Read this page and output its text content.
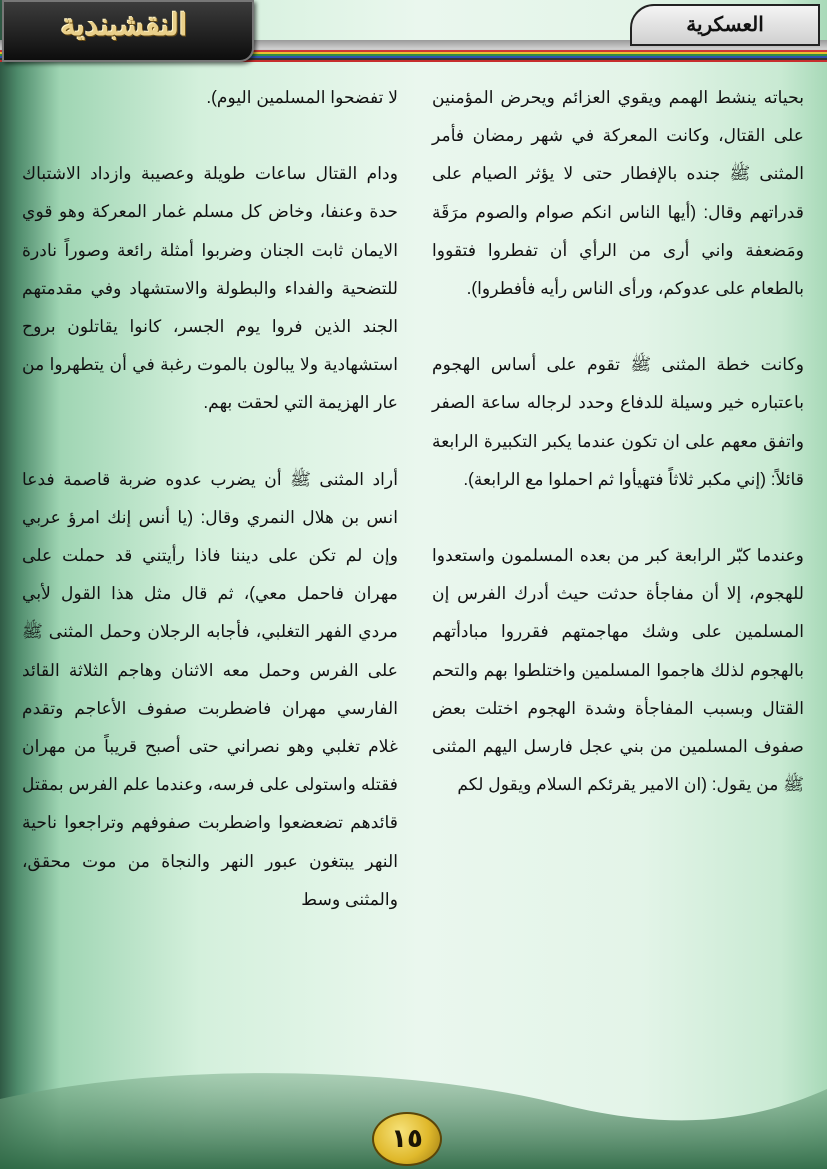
النقشبندية	العسكرية

بحياته ينشط الهمم ويقوي العزائم ويحرض المؤمنين على القتال، وكانت المعركة في شهر رمضان فأمر المثنى ﷺ جنده بالإفطار حتى لا يؤثر الصيام على قدراتهم وقال: (أيها الناس انكم صوام والصوم مرَقَة ومَضعفة واني أرى من الرأي أن تفطروا فتقووا بالطعام على عدوكم، ورأى الناس رأيه فأفطروا).

وكانت خطة المثنى ﷺ تقوم على أساس الهجوم باعتباره خير وسيلة للدفاع وحدد لرجاله ساعة الصفر واتفق معهم على ان تكون عندما يكبر التكبيرة الرابعة قائلاً: (إني مكبر ثلاثاً فتهيأوا ثم احملوا مع الرابعة).

وعندما كبّر الرابعة كبر من بعده المسلمون واستعدوا للهجوم، إلا أن مفاجأة حدثت حيث أدرك الفرس إن المسلمين على وشك مهاجمتهم فقرروا مبادأتهم بالهجوم لذلك هاجموا المسلمين واختلطوا بهم والتحم القتال وبسبب المفاجأة وشدة الهجوم اختلت بعض صفوف المسلمين من بني عجل فارسل اليهم المثنى ﷺ من يقول: (ان الامير يقرئكم السلام ويقول لكم

لا تفضحوا المسلمين اليوم).

ودام القتال ساعات طويلة وعصيبة وازداد الاشتباك حدة وعنفا، وخاض كل مسلم غمار المعركة وهو قوي الايمان ثابت الجنان وضربوا أمثلة رائعة وصوراً نادرة للتضحية والفداء والبطولة والاستشهاد وفي مقدمتهم الجند الذين فروا يوم الجسر، كانوا يقاتلون بروح استشهادية ولا يبالون بالموت رغبة في أن يتطهروا من عار الهزيمة التي لحقت بهم.

أراد المثنى ﷺ أن يضرب عدوه ضربة قاصمة فدعا انس بن هلال النمري وقال: (يا أنس إنك امرؤ عربي وإن لم تكن على ديننا فاذا رأيتني قد حملت على مهران فاحمل معي)، ثم قال مثل هذا القول لأبي مردي الفهر التغلبي، فأجابه الرجلان وحمل المثنى ﷺ على الفرس وحمل معه الاثنان وهاجم الثلاثة القائد الفارسي مهران فاضطربت صفوف الأعاجم وتقدم غلام تغلبي وهو نصراني حتى أصبح قريباً من مهران فقتله واستولى على فرسه، وعندما علم الفرس بمقتل قائدهم تضعضعوا واضطربت صفوفهم وتراجعوا ناحية النهر يبتغون عبور النهر والنجاة من موت محقق، والمثنى وسط

١٥
